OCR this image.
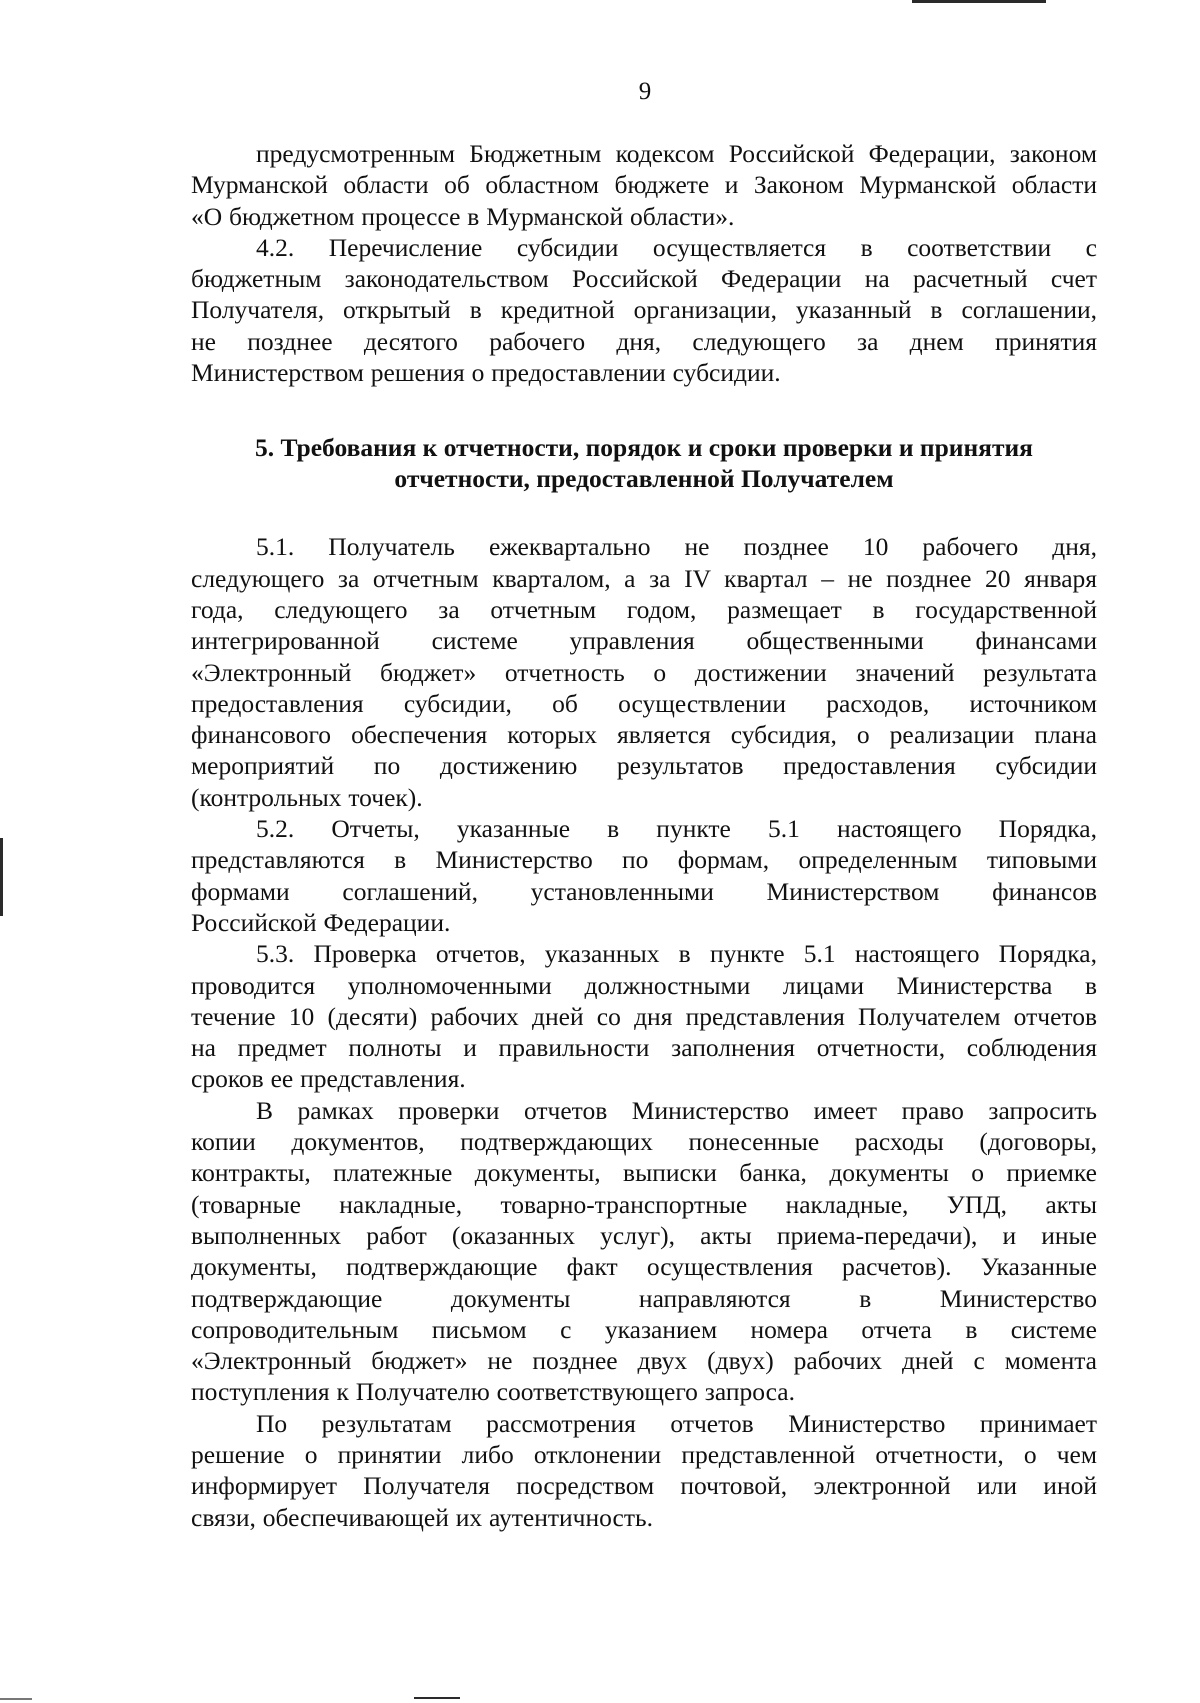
9

предусмотренным Бюджетным кодексом Российской Федерации, законом

Мурманской области об областном бюджете и Законом Мурманской области

«О бюджетном процессе в Мурманской области».

4.2. Перечисление субсидии осуществляется в соответствии с

бюджетным законодательством Российской Федерации на расчетный счет

Получателя, открытый в кредитной организации, указанный в соглашении,

не позднее десятого рабочего дня, следующего за днем принятия

Министерством решения о предоставлении субсидии.

5. Требования к отчетности, порядок и сроки проверки и принятия
отчетности, предоставленной Получателем

5.1. Получатель ежеквартально не позднее 10 рабочего дня,

следующего за отчетным кварталом, а за IV квартал – не позднее 20 января

года, следующего за отчетным годом, размещает в государственной

интегрированной системе управления общественными финансами

«Электронный бюджет» отчетность о достижении значений результата

предоставления субсидии, об осуществлении расходов, источником

финансового обеспечения которых является субсидия, о реализации плана

мероприятий по достижению результатов предоставления субсидии

(контрольных точек).

5.2. Отчеты, указанные в пункте 5.1 настоящего Порядка,

представляются в Министерство по формам, определенным типовыми

формами соглашений, установленными Министерством финансов

Российской Федерации.

5.3. Проверка отчетов, указанных в пункте 5.1 настоящего Порядка,

проводится уполномоченными должностными лицами Министерства в

течение 10 (десяти) рабочих дней со дня представления Получателем отчетов

на предмет полноты и правильности заполнения отчетности, соблюдения

сроков ее представления.

В рамках проверки отчетов Министерство имеет право запросить

копии документов, подтверждающих понесенные расходы (договоры,

контракты, платежные документы, выписки банка, документы о приемке

(товарные накладные, товарно-транспортные накладные, УПД, акты

выполненных работ (оказанных услуг), акты приема-передачи), и иные

документы, подтверждающие факт осуществления расчетов). Указанные

подтверждающие документы направляются в Министерство

сопроводительным письмом с указанием номера отчета в системе

«Электронный бюджет» не позднее двух (двух) рабочих дней с момента

поступления к Получателю соответствующего запроса.

По результатам рассмотрения отчетов Министерство принимает

решение о принятии либо отклонении представленной отчетности, о чем

информирует Получателя посредством почтовой, электронной или иной

связи, обеспечивающей их аутентичность.
